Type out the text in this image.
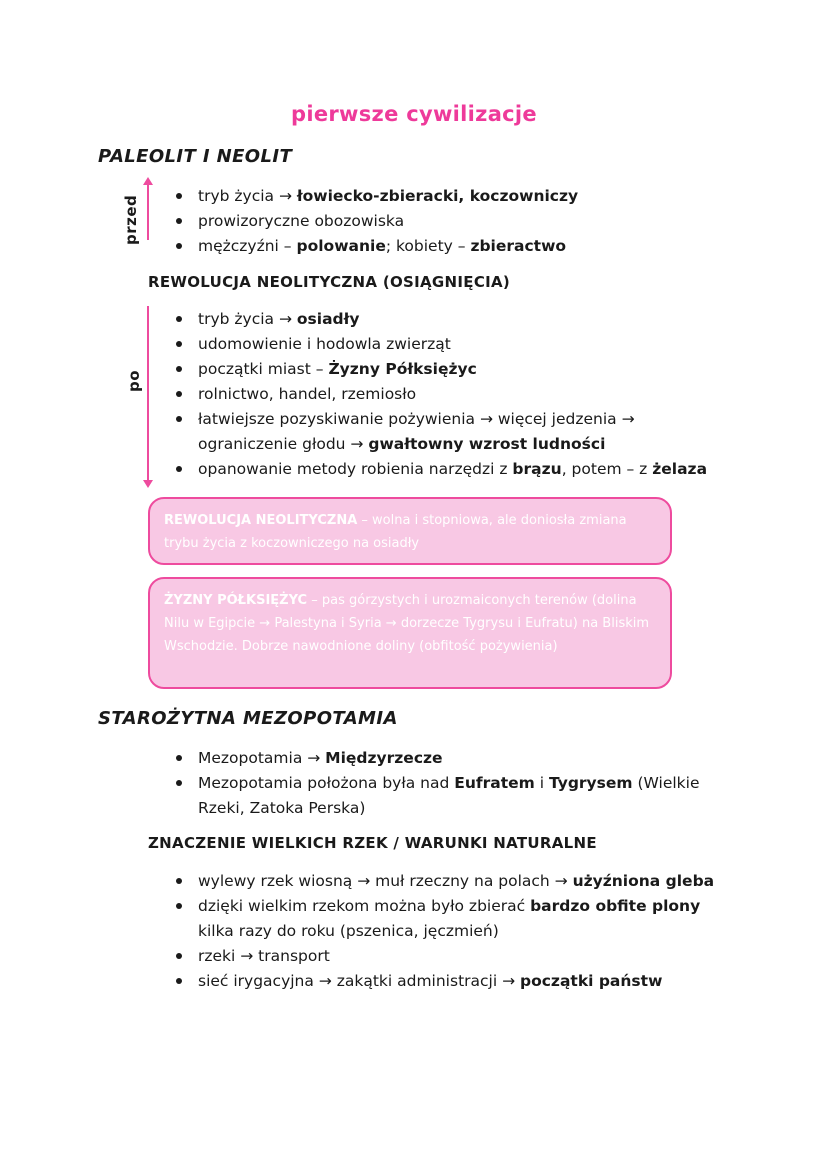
pierwsze cywilizacje
PALEOLIT I NEOLIT
przed	tryb życia → łowiecko-zbieracki, koczowniczy
prowizoryczne obozowiska
mężczyźni – polowanie; kobiety – zbieractwo
REWOLUCJA NEOLITYCZNA (OSIĄGNIĘCIA)
po
tryb życia → osiadły
udomowienie i hodowla zwierząt
początki miast – Żyzny Półksiężyc
rolnictwo, handel, rzemiosło
łatwiejsze pozyskiwanie pożywienia → więcej jedzenia → ograniczenie głodu → gwałtowny wzrost ludności
opanowanie metody robienia narzędzi z brązu, potem – z żelaza
REWOLUCJA NEOLITYCZNA – wolna i stopniowa, ale doniosła zmiana trybu życia z koczowniczego na osiadły
ŻYZNY PÓŁKSIĘŻYC – pas górzystych i urozmaiconych terenów (dolina Nilu w Egipcie → Palestyna i Syria → dorzecze Tygrysu i Eufratu) na Bliskim Wschodzie. Dobrze nawodnione doliny (obfitość pożywienia)
STAROŻYTNA MEZOPOTAMIA
Mezopotamia → Międzyrzecze
Mezopotamia położona była nad Eufratem i Tygrysem (Wielkie Rzeki, Zatoka Perska)
ZNACZENIE WIELKICH RZEK / WARUNKI NATURALNE
wylewy rzek wiosną → muł rzeczny na polach → użyźniona gleba
dzięki wielkim rzekom można było zbierać bardzo obfite plony kilka razy do roku (pszenica, jęczmień)
rzeki → transport
sieć irygacyjna → zakątki administracji → początki państw
